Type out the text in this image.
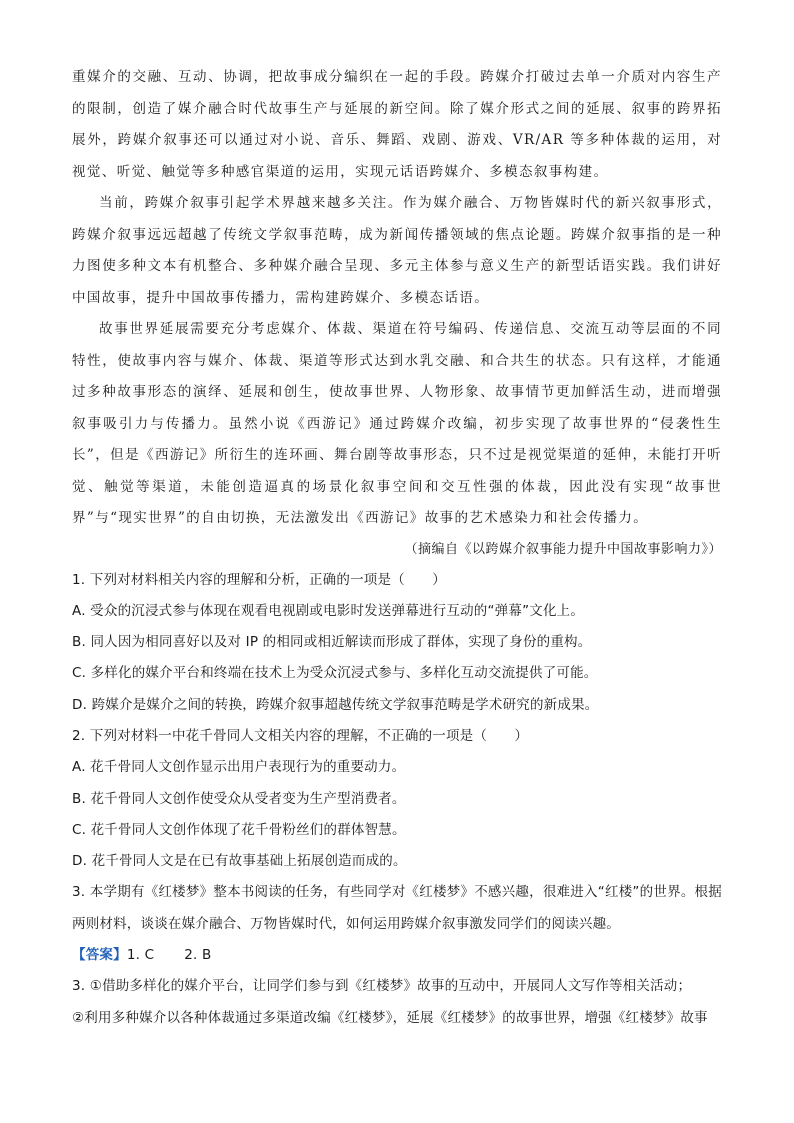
重媒介的交融、互动、协调，把故事成分编织在一起的手段。跨媒介打破过去单一介质对内容生产的限制，创造了媒介融合时代故事生产与延展的新空间。除了媒介形式之间的延展、叙事的跨界拓展外，跨媒介叙事还可以通过对小说、音乐、舞蹈、戏剧、游戏、VR/AR 等多种体裁的运用，对视觉、听觉、触觉等多种感官渠道的运用，实现元话语跨媒介、多模态叙事构建。

当前，跨媒介叙事引起学术界越来越多关注。作为媒介融合、万物皆媒时代的新兴叙事形式，跨媒介叙事远远超越了传统文学叙事范畴，成为新闻传播领域的焦点论题。跨媒介叙事指的是一种力图使多种文本有机整合、多种媒介融合呈现、多元主体参与意义生产的新型话语实践。我们讲好中国故事，提升中国故事传播力，需构建跨媒介、多模态话语。

故事世界延展需要充分考虑媒介、体裁、渠道在符号编码、传递信息、交流互动等层面的不同特性，使故事内容与媒介、体裁、渠道等形式达到水乳交融、和合共生的状态。只有这样，才能通过多种故事形态的演绎、延展和创生，使故事世界、人物形象、故事情节更加鲜活生动，进而增强叙事吸引力与传播力。虽然小说《西游记》通过跨媒介改编，初步实现了故事世界的“侵袭性生长”，但是《西游记》所衍生的连环画、舞台剧等故事形态，只不过是视觉渠道的延伸，未能打开听觉、触觉等渠道，未能创造逼真的场景化叙事空间和交互性强的体裁，因此没有实现“故事世界”与“现实世界”的自由切换，无法激发出《西游记》故事的艺术感染力和社会传播力。

（摘编自《以跨媒介叙事能力提升中国故事影响力》）

1. 下列对材料相关内容的理解和分析，正确的一项是（　　）

A. 受众的沉浸式参与体现在观看电视剧或电影时发送弹幕进行互动的“弹幕”文化上。

B. 同人因为相同喜好以及对 IP 的相同或相近解读而形成了群体，实现了身份的重构。

C. 多样化的媒介平台和终端在技术上为受众沉浸式参与、多样化互动交流提供了可能。

D. 跨媒介是媒介之间的转换，跨媒介叙事超越传统文学叙事范畴是学术研究的新成果。

2. 下列对材料一中花千骨同人文相关内容的理解，不正确的一项是（　　）

A. 花千骨同人文创作显示出用户表现行为的重要动力。

B. 花千骨同人文创作使受众从受者变为生产型消费者。

C. 花千骨同人文创作体现了花千骨粉丝们的群体智慧。

D. 花千骨同人文是在已有故事基础上拓展创造而成的。

3. 本学期有《红楼梦》整本书阅读的任务，有些同学对《红楼梦》不感兴趣，很难进入“红楼”的世界。根据两则材料，谈谈在媒介融合、万物皆媒时代，如何运用跨媒介叙事激发同学们的阅读兴趣。

【答案】1. C 2. B

3. ①借助多样化的媒介平台，让同学们参与到《红楼梦》故事的互动中，开展同人文写作等相关活动；

②利用多种媒介以各种体裁通过多渠道改编《红楼梦》，延展《红楼梦》的故事世界，增强《红楼梦》故事
